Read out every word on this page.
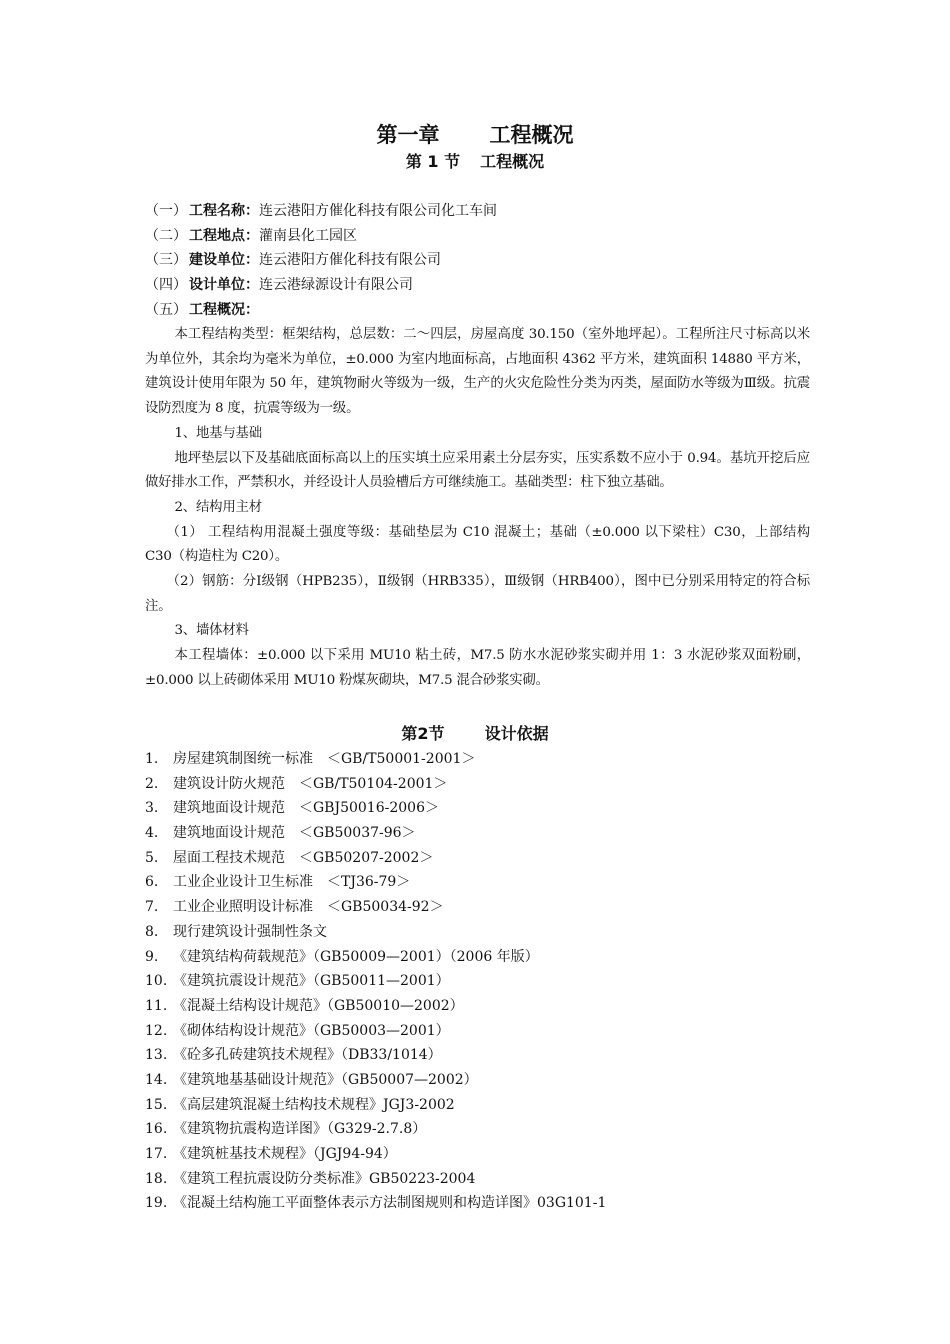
第一章 工程概况
第 1 节 工程概况
（一） 工程名称：连云港阳方催化科技有限公司化工车间
（二） 工程地点：灌南县化工园区
（三） 建设单位：连云港阳方催化科技有限公司
（四） 设计单位：连云港绿源设计有限公司
（五） 工程概况：

本工程结构类型：框架结构，总层数：二～四层，房屋高度 30.150（室外地坪起）。工程所注尺寸标高以米为单位外，其余均为毫米为单位，±0.000 为室内地面标高，占地面积 4362 平方米，建筑面积 14880 平方米，建筑设计使用年限为 50 年，建筑物耐火等级为一级，生产的火灾危险性分类为丙类，屋面防水等级为Ⅲ级。抗震设防烈度为 8 度，抗震等级为一级。

1、地基与基础

地坪垫层以下及基础底面标高以上的压实填土应采用素土分层夯实，压实系数不应小于 0.94。基坑开挖后应做好排水工作，严禁积水，并经设计人员验槽后方可继续施工。基础类型：柱下独立基础。

2、结构用主材

（1） 工程结构用混凝土强度等级：基础垫层为 C10 混凝土；基础（±0.000 以下梁柱）C30，上部结构 C30（构造柱为 C20）。

（2）钢筋：分Ⅰ级钢（HPB235），Ⅱ级钢（HRB335），Ⅲ级钢（HRB400），图中已分别采用特定的符合标注。

3、墙体材料

本工程墙体：±0.000 以下采用 MU10 粘土砖，M7.5 防水水泥砂浆实砌并用 1：3 水泥砂浆双面粉刷，±0.000 以上砖砌体采用 MU10 粉煤灰砌块，M7.5 混合砂浆实砌。

第2节	设计依据
1. 房屋建筑制图统一标准　＜GB/T50001-2001＞
2. 建筑设计防火规范　＜GB/T50104-2001＞
3. 建筑地面设计规范　＜GBJ50016-2006＞
4. 建筑地面设计规范　＜GB50037-96＞
5. 屋面工程技术规范　＜GB50207-2002＞
6. 工业企业设计卫生标准　＜TJ36-79＞
7. 工业企业照明设计标准　＜GB50034-92＞
8. 现行建筑设计强制性条文
9. 《建筑结构荷载规范》（GB50009—2001）（2006 年版）
10. 《建筑抗震设计规范》（GB50011—2001）
11. 《混凝土结构设计规范》（GB50010—2002）
12. 《砌体结构设计规范》（GB50003—2001）
13. 《砼多孔砖建筑技术规程》（DB33/1014）
14. 《建筑地基基础设计规范》（GB50007—2002）
15. 《高层建筑混凝土结构技术规程》JGJ3-2002
16. 《建筑物抗震构造详图》（G329-2.7.8）
17. 《建筑桩基技术规程》（JGJ94-94）
18. 《建筑工程抗震设防分类标准》GB50223-2004
19. 《混凝土结构施工平面整体表示方法制图规则和构造详图》03G101-1
